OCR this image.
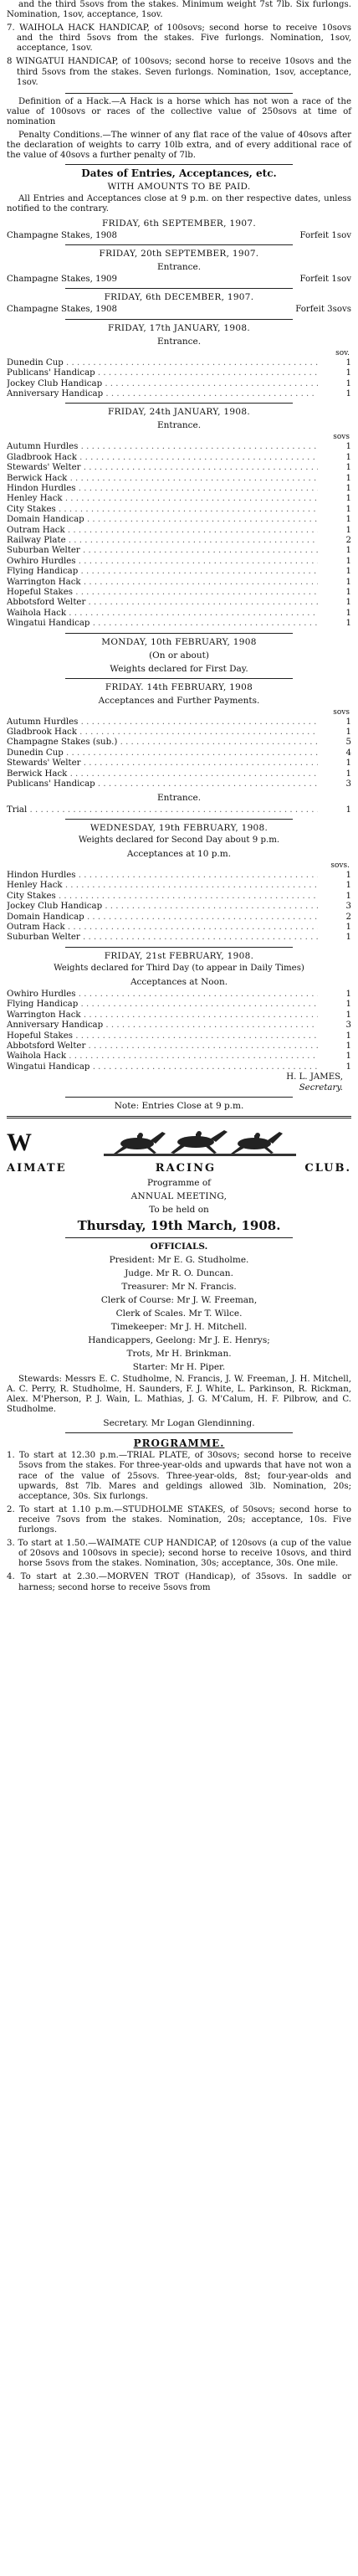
and the third 5sovs from the stakes. Minimum weight 7st 7lb. Six furlongs. Nomination, 1sov, acceptance, 1sov.

7. WAIHOLA HACK HANDICAP, of 100sovs; second horse to receive 10sovs and the third 5sovs from the stakes. Five furlongs. Nomination, 1sov, acceptance, 1sov.

8 WINGATUI HANDICAP, of 100sovs; second horse to receive 10sovs and the third 5sovs from the stakes. Seven furlongs. Nomination, 1sov, acceptance, 1sov.

Definition of a Hack.—A Hack is a horse which has not won a race of the value of 100sovs or races of the collective value of 250sovs at time of nomination

Penalty Conditions.—The winner of any flat race of the value of 40sovs after the declaration of weights to carry 10lb extra, and of every additional race of the value of 40sovs a further penalty of 7lb.

Dates of Entries, Acceptances, etc.
WITH AMOUNTS TO BE PAID.

All Entries and Acceptances close at 9 p.m. on ther respective dates, unless notified to the contrary.

FRIDAY, 6th SEPTEMBER, 1907.
Champagne Stakes, 1908	Forfeit 1sov
FRIDAY, 20th SEPTEMBER, 1907.
Entrance.
Champagne Stakes, 1909	Forfeit 1sov
FRIDAY, 6th DECEMBER, 1907.
Champagne Stakes, 1908	Forfeit 3sovs
FRIDAY, 17th JANUARY, 1908.
Entrance.
sov.
Dunedin Cup . . .	1
Publicans' Handicap . . .	1
Jockey Club Handicap . . .	1
Anniversary Handicap . . .	1
FRIDAY, 24th JANUARY, 1908.
Entrance.
sovs
Autumn Hurdles . . .	1
Gladbrook Hack . . .	1
Stewards' Welter . . .	1
Berwick Hack . . .	1
Hindon Hurdles . . .	1
Henley Hack . . .	1
City Stakes . . .	1
Domain Handicap . . .	1
Outram Hack . . .	1
Railway Plate . . .	2
Suburban Welter . . .	1
Owhiro Hurdles . . .	1
Flying Handicap . . .	1
Warrington Hack . . .	1
Hopeful Stakes . . .	1
Abbotsford Welter . . .	1
Waihola Hack . . .	1
Wingatui Handicap . . .	1
MONDAY, 10th FEBRUARY, 1908
(On or about)
Weights declared for First Day.
FRIDAY. 14th FEBRUARY, 1908
Acceptances and Further Payments.
sovs
Autumn Hurdles . . .	1
Gladbrook Hack . . .	1
Champagne Stakes (sub.) . . .	5
Dunedin Cup . . .	4
Stewards' Welter . . .	1
Berwick Hack . . .	1
Publicans' Handicap . . .	3
Entrance.
Trial . . .	1
WEDNESDAY, 19th FEBRUARY, 1908.

Weights declared for Second Day about 9 p.m.

Acceptances at 10 p.m.
sovs.
Hindon Hurdles . . .	1
Henley Hack . . .	1
City Stakes . . .	1
Jockey Club Handicap . . .	3
Domain Handicap . . .	2
Outram Hack . . .	1
Suburban Welter . . .	1
FRIDAY, 21st FEBRUARY, 1908.

Weights declared for Third Day (to appear in Daily Times)

Acceptances at Noon.
Owhiro Hurdles . . .	1
Flying Handicap . . .	1
Warrington Hack . . .	1
Anniversary Handicap . . .	3
Hopeful Stakes . . .	1
Abbotsford Welter . . .	1
Waihola Hack . . .	1
Wingatui Handicap . . .	1
H. L. JAMES,
Secretary.
Note: Entries Close at 9 p.m.
W
AIMATE	RACING	CLUB.
Programme of
ANNUAL MEETING,
To be held on
Thursday, 19th March, 1908.
OFFICIALS.
President: Mr E. G. Studholme.
Judge. Mr R. O. Duncan.
Treasurer: Mr N. Francis.
Clerk of Course: Mr J. W. Freeman,
Clerk of Scales. Mr T. Wilce.
Timekeeper: Mr J. H. Mitchell.
Handicappers, Geelong: Mr J. E. Henrys;
Trots, Mr H. Brinkman.
Starter: Mr H. Piper.

Stewards: Messrs E. C. Studholme, N. Francis, J. W. Freeman, J. H. Mitchell, A. C. Perry, R. Studholme, H. Saunders, F. J. White, L. Parkinson, R. Rickman, Alex. M'Pherson, P. J. Wain, L. Mathias, J. G. M'Calum, H. F. Pilbrow, and C. Studholme.

Secretary. Mr Logan Glendinning.
PROGRAMME.

1. To start at 12.30 p.m.—TRIAL PLATE, of 30sovs; second horse to receive 5sovs from the stakes. For three-year-olds and upwards that have not won a race of the value of 25sovs. Three-year-olds, 8st; four-year-olds and upwards, 8st 7lb. Mares and geldings allowed 3lb. Nomination, 20s; acceptance, 30s. Six furlongs.

2. To start at 1.10 p.m.—STUDHOLME STAKES, of 50sovs; second horse to receive 7sovs from the stakes. Nomination, 20s; acceptance, 10s. Five furlongs.

3. To start at 1.50.—WAIMATE CUP HANDICAP, of 120sovs (a cup of the value of 20sovs and 100sovs in specie); second horse to receive 10sovs, and third horse 5sovs from the stakes. Nomination, 30s; acceptance, 30s. One mile.

4. To start at 2.30.—MORVEN TROT (Handicap), of 35sovs. In saddle or harness; second horse to receive 5sovs from
